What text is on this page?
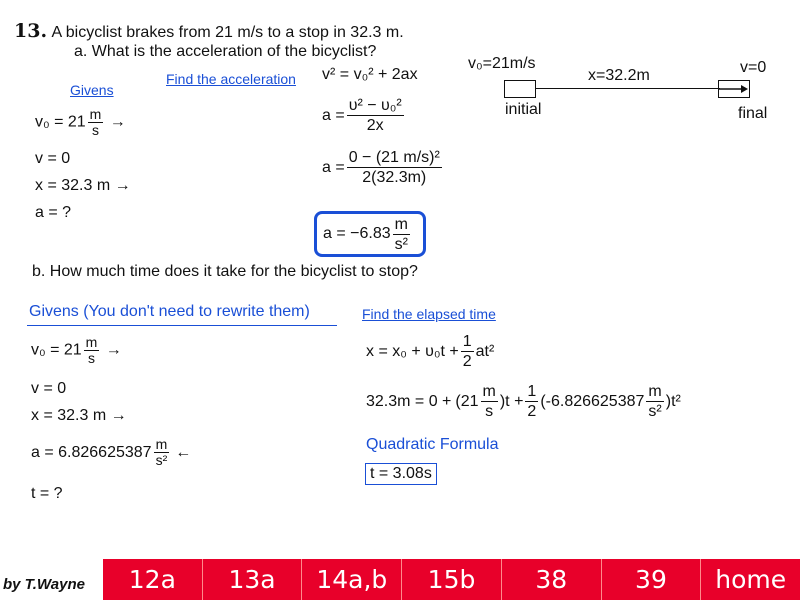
13. A bicyclist brakes from 21 m/s to a stop in 32.3 m.
a. What is the acceleration of the bicyclist?
v₀=21m/s
x=32.2m	v=0
initial	final
Givens
$v_0 = 21 \frac{m}{s}$ →
v = 0
x = 32.3 m →
a = ?
Find the acceleration v² = v₀² + 2ax
$a = \frac{\text{υ² − υ₀²}}{2x}$
$a = \frac{\text{0 − (21 m/s)²}}{2(32.3m)}$
$a = -6.83 \frac{m}{\text{s²}}$
b. How much time does it take for the bicyclist to stop?
Givens (You don't need to rewrite them)
$v_0 = 21 \frac{m}{s}$ →
v = 0
x = 32.3 m →
$a = 6.826625387 \frac{m}{\text{s²}}$ ←
t = ?
Find the elapsed time
$x = x_0 + \upsilon_0t + \frac{1}{2} at^2$
$32.3m = 0 + (21 \frac{m}{s} )t + \frac{1}{2} (-6.826625387 \frac{m}{\text{s²}} )t^2$
Quadratic Formula
t = 3.08s
by T.Wayne	12a	13a	14a,b	15b	38	39	home
